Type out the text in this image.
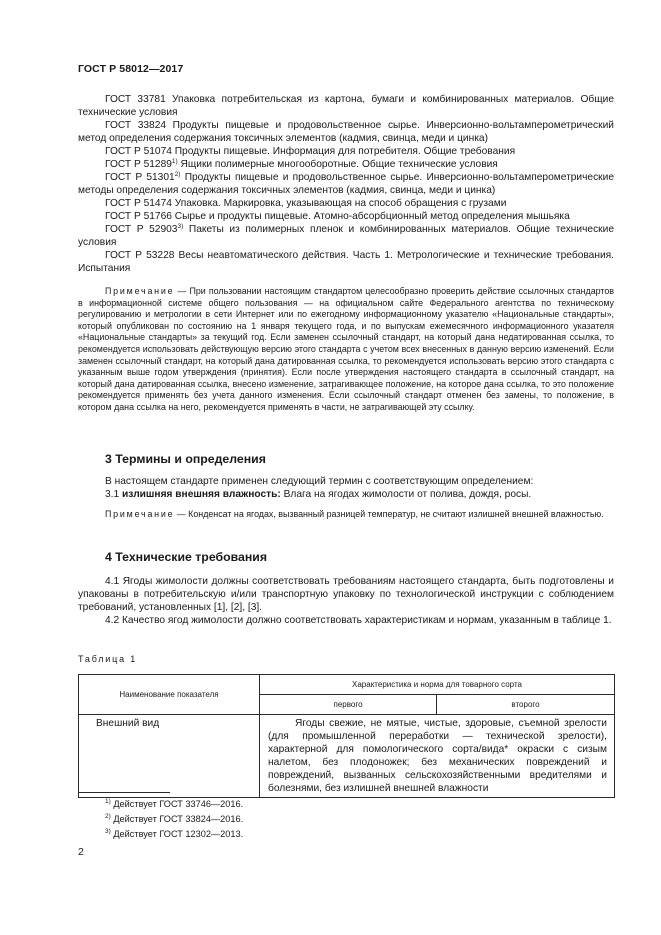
ГОСТ Р 58012—2017

ГОСТ 33781 Упаковка потребительская из картона, бумаги и комбинированных материалов. Общие технические условия

ГОСТ 33824 Продукты пищевые и продовольственное сырье. Инверсионно-вольтамперометрический метод определения содержания токсичных элементов (кадмия, свинца, меди и цинка)

ГОСТ Р 51074 Продукты пищевые. Информация для потребителя. Общие требования

ГОСТ Р 51289$^{1)}$ Ящики полимерные многооборотные. Общие технические условия

ГОСТ Р 51301$^{2)}$ Продукты пищевые и продовольственное сырье. Инверсионно-вольтамперометрические методы определения содержания токсичных элементов (кадмия, свинца, меди и цинка)

ГОСТ Р 51474 Упаковка. Маркировка, указывающая на способ обращения с грузами

ГОСТ Р 51766 Сырье и продукты пищевые. Атомно-абсорбционный метод определения мышьяка

ГОСТ Р 52903$^{3)}$ Пакеты из полимерных пленок и комбинированных материалов. Общие технические условия

ГОСТ Р 53228 Весы неавтоматического действия. Часть 1. Метрологические и технические требования. Испытания

Примечание — При пользовании настоящим стандартом целесообразно проверить действие ссылочных стандартов в информационной системе общего пользования — на официальном сайте Федерального агентства по техническому регулированию и метрологии в сети Интернет или по ежегодному информационному указателю «Национальные стандарты», который опубликован по состоянию на 1 января текущего года, и по выпускам ежемесячного информационного указателя «Национальные стандарты» за текущий год. Если заменен ссылочный стандарт, на который дана недатированная ссылка, то рекомендуется использовать действующую версию этого стандарта с учетом всех внесенных в данную версию изменений. Если заменен ссылочный стандарт, на который дана датированная ссылка, то рекомендуется использовать версию этого стандарта с указанным выше годом утверждения (принятия). Если после утверждения настоящего стандарта в ссылочный стандарт, на который дана датированная ссылка, внесено изменение, затрагивающее положение, на которое дана ссылка, то это положение рекомендуется применять без учета данного изменения. Если ссылочный стандарт отменен без замены, то положение, в котором дана ссылка на него, рекомендуется применять в части, не затрагивающей эту ссылку.
3 Термины и определения

В настоящем стандарте применен следующий термин с соответствующим определением:

3.1 излишняя внешняя влажность: Влага на ягодах жимолости от полива, дождя, росы.

Примечание — Конденсат на ягодах, вызванный разницей температур, не считают излишней внешней влажностью.
4 Технические требования

4.1 Ягоды жимолости должны соответствовать требованиям настоящего стандарта, быть подготовлены и упакованы в потребительскую и/или транспортную упаковку по технологической инструкции с соблюдением требований, установленных [1], [2], [3].

4.2 Качество ягод жимолости должно соответствовать характеристикам и нормам, указанным в таблице 1.

Таблица 1
Наименование показателя	Характеристика и норма для товарного сорта	
	первого	второго
Внешний вид	Ягоды свежие, не мятые, чистые, здоровые, съемной зрелости (для промышленной переработки — технической зрелости), характерной для помологического сорта/вида* окраски с сизым налетом, без плодоножек; без механических повреждений и повреждений, вызванных сельскохозяйственными вредителями и болезнями, без излишней внешней влажности	
$^{1)}$ Действует ГОСТ 33746—2016.
$^{2)}$ Действует ГОСТ 33824—2016.
$^{3)}$ Действует ГОСТ 12302—2013.
2
